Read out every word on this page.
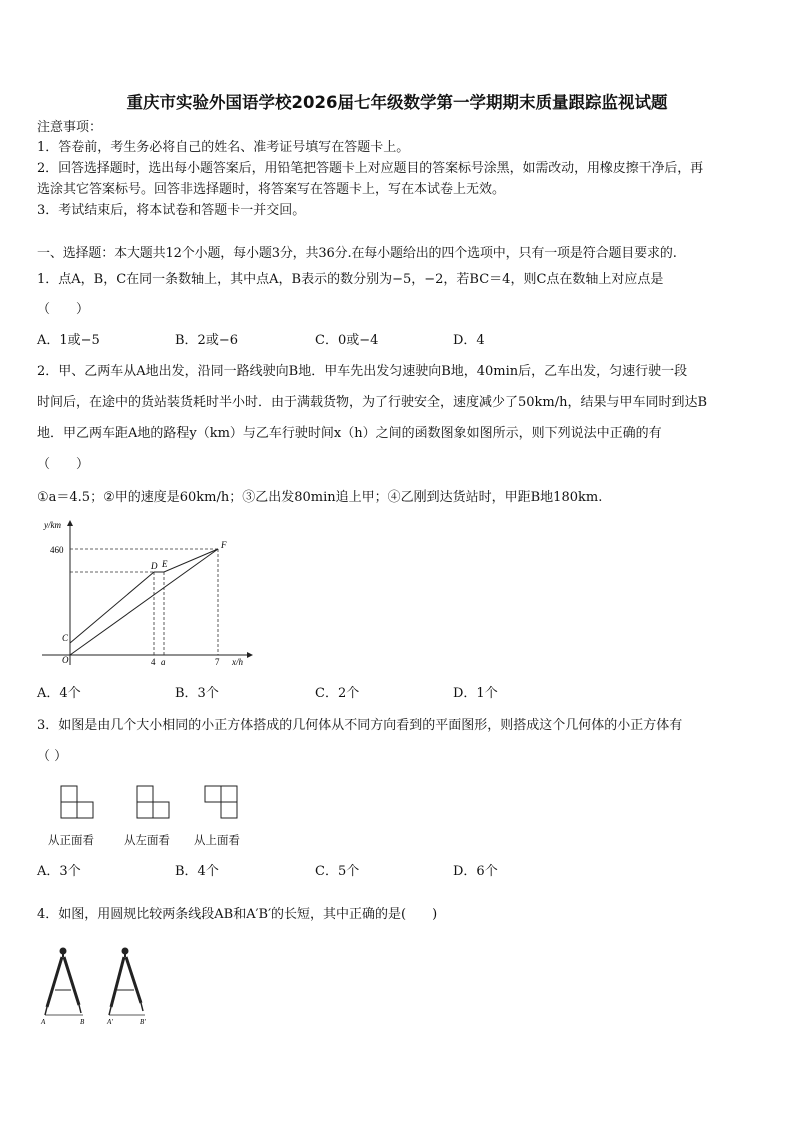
重庆市实验外国语学校2026届七年级数学第一学期期末质量跟踪监视试题
注意事项：
1．答卷前，考生务必将自己的姓名、准考证号填写在答题卡上。
2．回答选择题时，选出每小题答案后，用铅笔把答题卡上对应题目的答案标号涂黑，如需改动，用橡皮擦干净后，再
选涂其它答案标号。回答非选择题时，将答案写在答题卡上，写在本试卷上无效。
3．考试结束后，将本试卷和答题卡一并交回。
一、选择题：本大题共12个小题，每小题3分，共36分.在每小题给出的四个选项中，只有一项是符合题目要求的.
1．点A，B，C在同一条数轴上，其中点A，B表示的数分别为−5，−2，若BC＝4，则C点在数轴上对应点是
（　　）
A．1或−5	B．2或−6	C．0或−4	D．4
2．甲、乙两车从A地出发，沿同一路线驶向B地．甲车先出发匀速驶向B地，40min后，乙车出发，匀速行驶一段
时间后，在途中的货站装货耗时半小时．由于满载货物，为了行驶安全，速度减少了50km/h，结果与甲车同时到达B
地．甲乙两车距A地的路程y（km）与乙车行驶时间x（h）之间的函数图象如图所示，则下列说法中正确的有
（　　）
①a＝4.5；②甲的速度是60km/h；③乙出发80min追上甲；④乙刚到达货站时，甲距B地180km.
y/km
x/h
460
O	4 a	7
C
D E
F
A．4个	B．3个	C．2个	D．1个
3．如图是由几个大小相同的小正方体搭成的几何体从不同方向看到的平面图形，则搭成这个几何体的小正方体有
（ ）
从正面看	从左面看 从上面看
A．3个	B．4个	C．5个	D．6个
4．如图，用圆规比较两条线段AB和A′B′的长短，其中正确的是(　　)
A	B	A′	B′
